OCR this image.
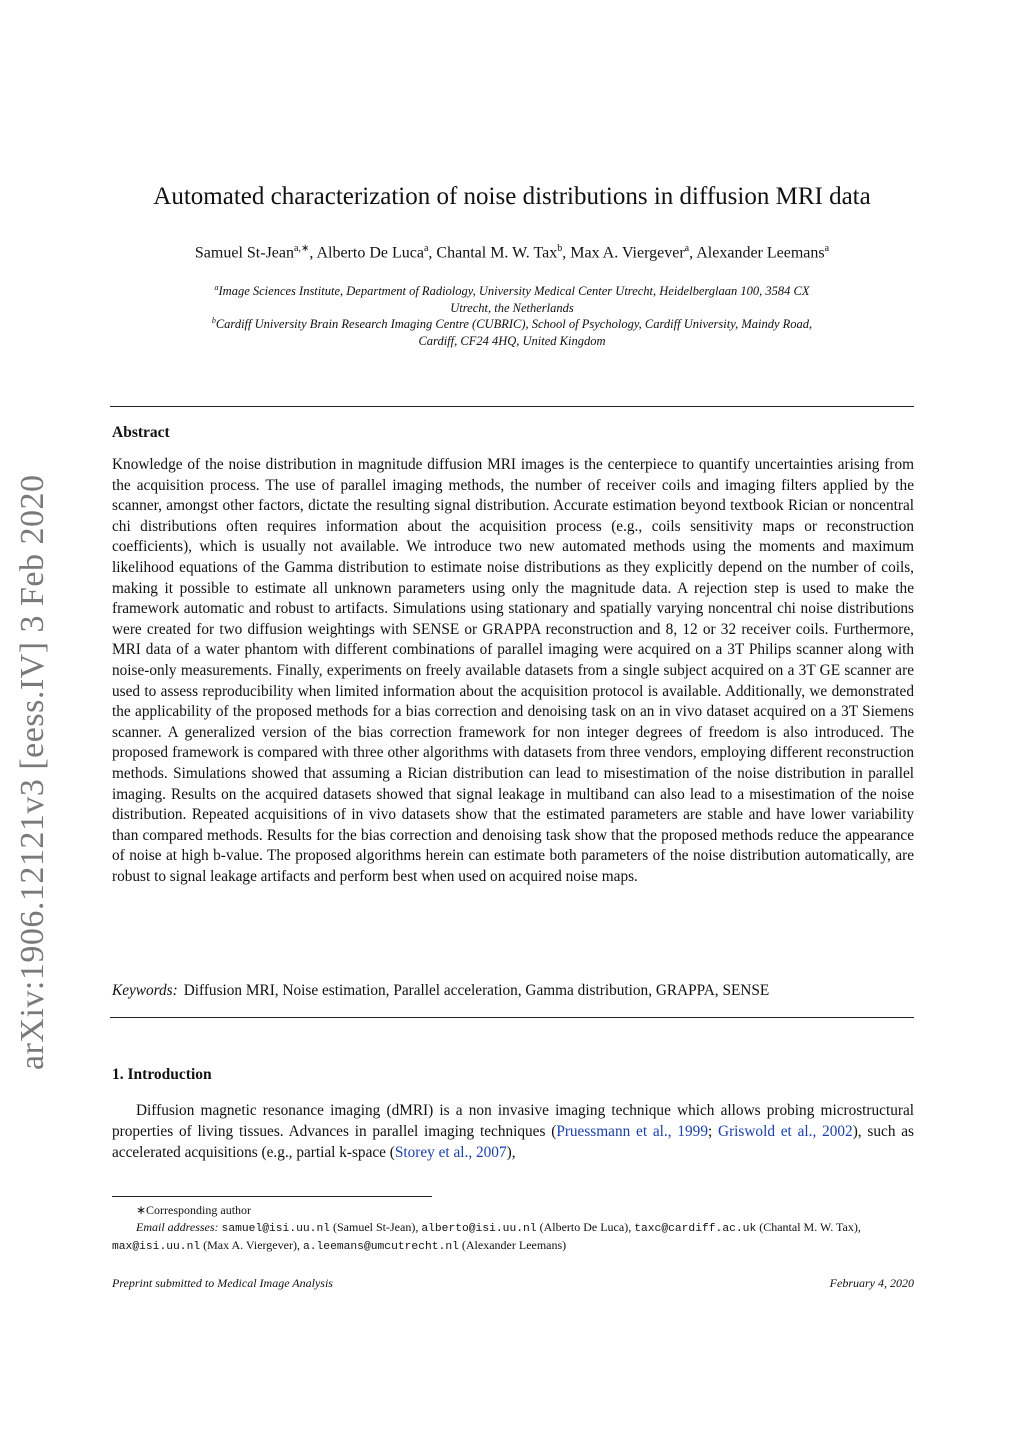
arXiv:1906.12121v3 [eess.IV] 3 Feb 2020
Automated characterization of noise distributions in diffusion MRI data
Samuel St-Jean$^{a,∗}$, Alberto De Luca$^a$, Chantal M. W. Tax$^b$, Max A. Viergever$^a$, Alexander Leemans$^a$
$^a$Image Sciences Institute, Department of Radiology, University Medical Center Utrecht, Heidelberglaan 100, 3584 CX
Utrecht, the Netherlands
$^b$Cardiff University Brain Research Imaging Centre (CUBRIC), School of Psychology, Cardiff University, Maindy Road,
Cardiff, CF24 4HQ, United Kingdom
Abstract

Knowledge of the noise distribution in magnitude diffusion MRI images is the centerpiece to quantify uncertainties arising from the acquisition process. The use of parallel imaging methods, the number of receiver coils and imaging filters applied by the scanner, amongst other factors, dictate the resulting signal distribution. Accurate estimation beyond textbook Rician or noncentral chi distributions often requires information about the acquisition process (e.g., coils sensitivity maps or reconstruction coefficients), which is usually not available. We introduce two new automated methods using the moments and maximum likelihood equations of the Gamma distribution to estimate noise distributions as they explicitly depend on the number of coils, making it possible to estimate all unknown parameters using only the magnitude data. A rejection step is used to make the framework automatic and robust to artifacts. Simulations using stationary and spatially varying noncentral chi noise distributions were created for two diffusion weightings with SENSE or GRAPPA reconstruction and 8, 12 or 32 receiver coils. Furthermore, MRI data of a water phantom with different combinations of parallel imaging were acquired on a 3T Philips scanner along with noise-only measurements. Finally, experiments on freely available datasets from a single subject acquired on a 3T GE scanner are used to assess reproducibility when limited information about the acquisition protocol is available. Additionally, we demonstrated the applicability of the proposed methods for a bias correction and denoising task on an in vivo dataset acquired on a 3T Siemens scanner. A generalized version of the bias correction framework for non integer degrees of freedom is also introduced. The proposed framework is compared with three other algorithms with datasets from three vendors, employing different reconstruction methods. Simulations showed that assuming a Rician distribution can lead to misestimation of the noise distribution in parallel imaging. Results on the acquired datasets showed that signal leakage in multiband can also lead to a misestimation of the noise distribution. Repeated acquisitions of in vivo datasets show that the estimated parameters are stable and have lower variability than compared methods. Results for the bias correction and denoising task show that the proposed methods reduce the appearance of noise at high b-value. The proposed algorithms herein can estimate both parameters of the noise distribution automatically, are robust to signal leakage artifacts and perform best when used on acquired noise maps.

Keywords: Diffusion MRI, Noise estimation, Parallel acceleration, Gamma distribution, GRAPPA, SENSE
1. Introduction

Diffusion magnetic resonance imaging (dMRI) is a non invasive imaging technique which allows probing microstructural properties of living tissues. Advances in parallel imaging techniques (Pruessmann et al., 1999; Griswold et al., 2002), such as accelerated acquisitions (e.g., partial k-space (Storey et al., 2007),

∗Corresponding author
Email addresses: samuel@isi.uu.nl (Samuel St-Jean), alberto@isi.uu.nl (Alberto De Luca), taxc@cardiff.ac.uk (Chantal M. W. Tax), max@isi.uu.nl (Max A. Viergever), a.leemans@umcutrecht.nl (Alexander Leemans)
Preprint submitted to Medical Image Analysis	February 4, 2020
